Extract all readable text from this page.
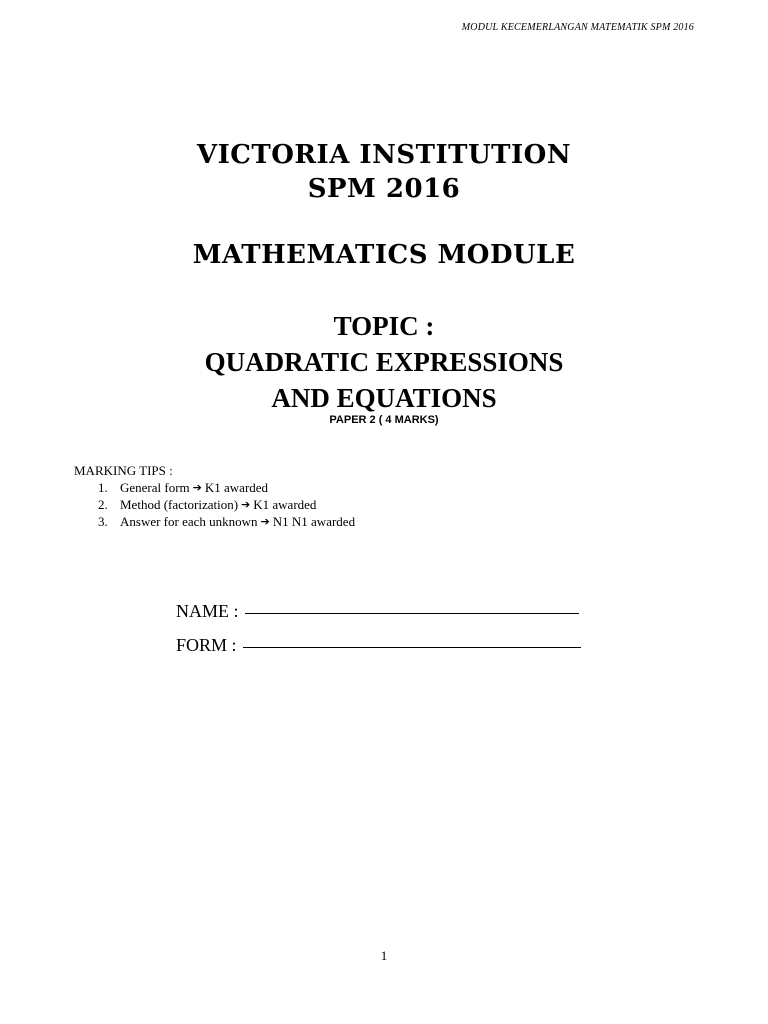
MODUL KECEMERLANGAN MATEMATIK SPM 2016
VICTORIA INSTITUTION
SPM 2016
MATHEMATICS MODULE
TOPIC :
QUADRATIC EXPRESSIONS
AND EQUATIONS
PAPER 2 ( 4 MARKS)
MARKING TIPS :
1. General form ➔ K1 awarded
2. Method (factorization) ➔ K1 awarded
3. Answer for each unknown ➔ N1 N1 awarded
NAME :
FORM :
1
